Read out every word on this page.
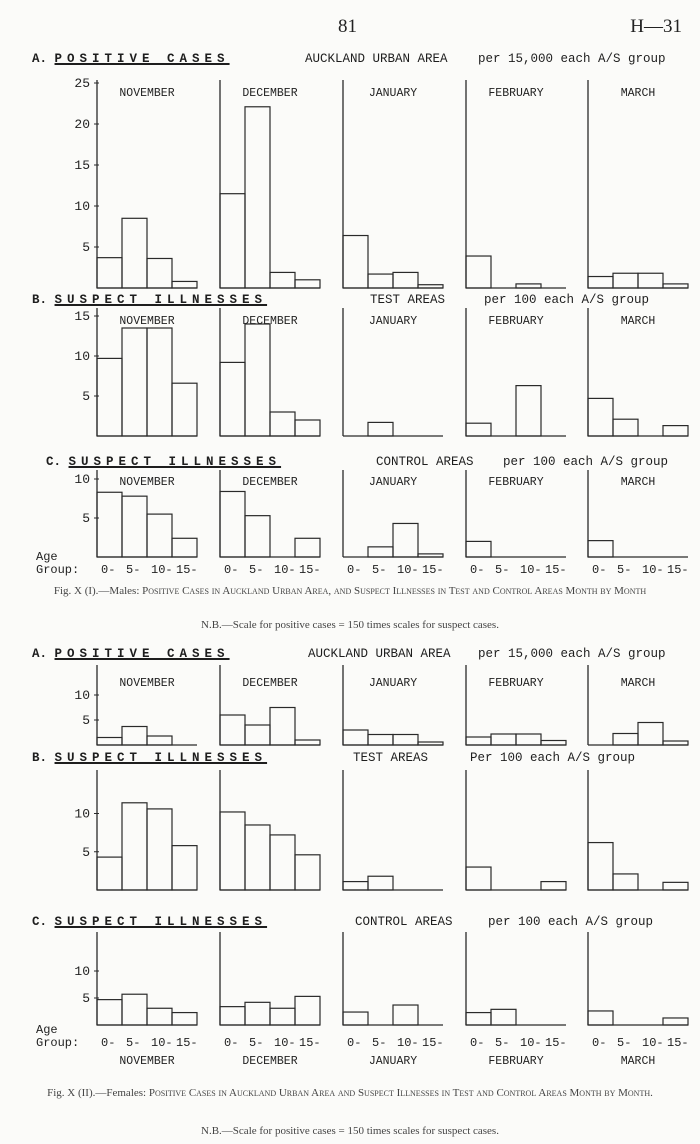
81	H—31
A. POSITIVE CASES	AUCKLAND URBAN AREA per 15,000 each A/S group
B. SUSPECT ILLNESSES	TEST AREAS	per 100 each A/S group
C. SUSPECT ILLNESSES	CONTROL AREAS per 100 each A/S group
Fig. X (I).—Males: Positive Cases in Auckland Urban Area, and Suspect Illnesses in Test and Control Areas Month by Month
N.B.—Scale for positive cases = 150 times scales for suspect cases.
A. POSITIVE CASES	AUCKLAND URBAN AREA per 15,000 each A/S group
B. SUSPECT ILLNESSES	TEST AREAS	Per 100 each A/S group
C. SUSPECT ILLNESSES	CONTROL AREAS	per 100 each A/S group
Fig. X (II).—Females: Positive Cases in Auckland Urban Area and Suspect Illnesses in Test and Control Areas Month by Month.
N.B.—Scale for positive cases = 150 times scales for suspect cases.
5
10
15
20
25
NOVEMBER	DECEMBER	JANUARY	FEBRUARY	MARCH
5
10
15	NOVEMBER	DECEMBER	JANUARY	FEBRUARY	MARCH
5
10	NOVEMBER
0- 5- 10- 15-
DECEMBER
0- 5- 10- 15-
JANUARY
0- 5- 10- 15-
FEBRUARY
0- 5- 10- 15-
MARCH
0- 5- 10- 15-
Age
Group:
5
10
NOVEMBER	DECEMBER	JANUARY	FEBRUARY	MARCH
5
10
5
10
NOVEMBER
0- 5- 10- 15-
DECEMBER
0- 5- 10- 15-
JANUARY
0- 5- 10- 15-
FEBRUARY
0- 5- 10- 15-
MARCH
0- 5- 10- 15-
Age
Group:
